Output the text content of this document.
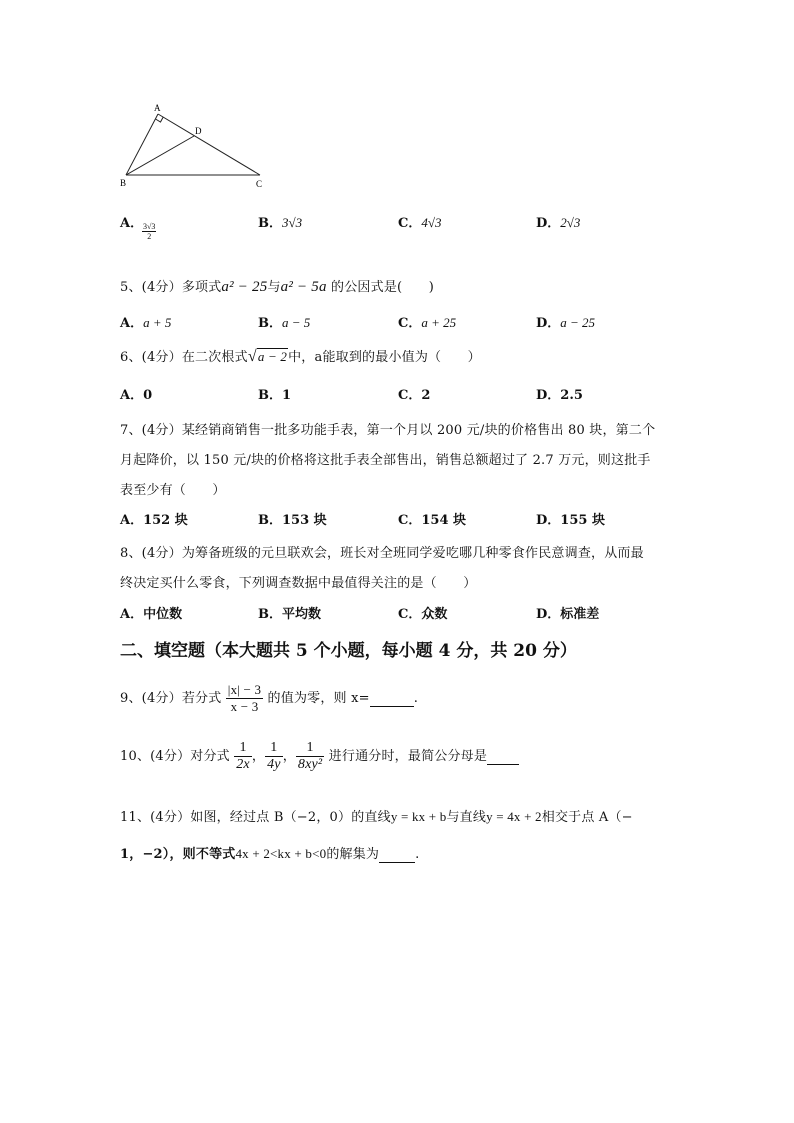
A
D
B	C
A． 3√3
2
B．3√3	C．4√3	D．2√3
5、(4分）多项式a² − 25与a² − 5a 的公因式是(　　)
A．a + 5	B．a − 5	C．a + 25	D．a − 25
6、(4分）在二次根式√a − 2中，a能取到的最小值为（　　）
A．0	B．1	C．2	D．2.5
7、(4分）某经销商销售一批多功能手表，第一个月以 200 元/块的价格售出 80 块，第二个
月起降价，以 150 元/块的价格将这批手表全部售出，销售总额超过了 2.7 万元，则这批手
表至少有（　　）
A．152 块	B．153 块	C．154 块	D．155 块
8、(4分）为筹备班级的元旦联欢会，班长对全班同学爱吃哪几种零食作民意调查，从而最
终决定买什么零食，下列调查数据中最值得关注的是（　　）
A．中位数	B．平均数	C．众数	D．标准差
二、填空题（本大题共 5 个小题，每小题 4 分，共 20 分）
9、(4分）若分式 $\frac{|x| - 3}{x - 3}$ 的值为零，则 x=	.
10、(4分）对分式 $\frac{1}{2x}$ ， $\frac{1}{4y}$ ， $\frac{1}{\text{8xy²}}$ 进行通分时，最简公分母是
11、(4分）如图，经过点 B（−2，0）的直线y = kx + b与直线y = 4x + 2相交于点 A（−
1，−2），则不等式4x + 2<kx + b<0的解集为	.
